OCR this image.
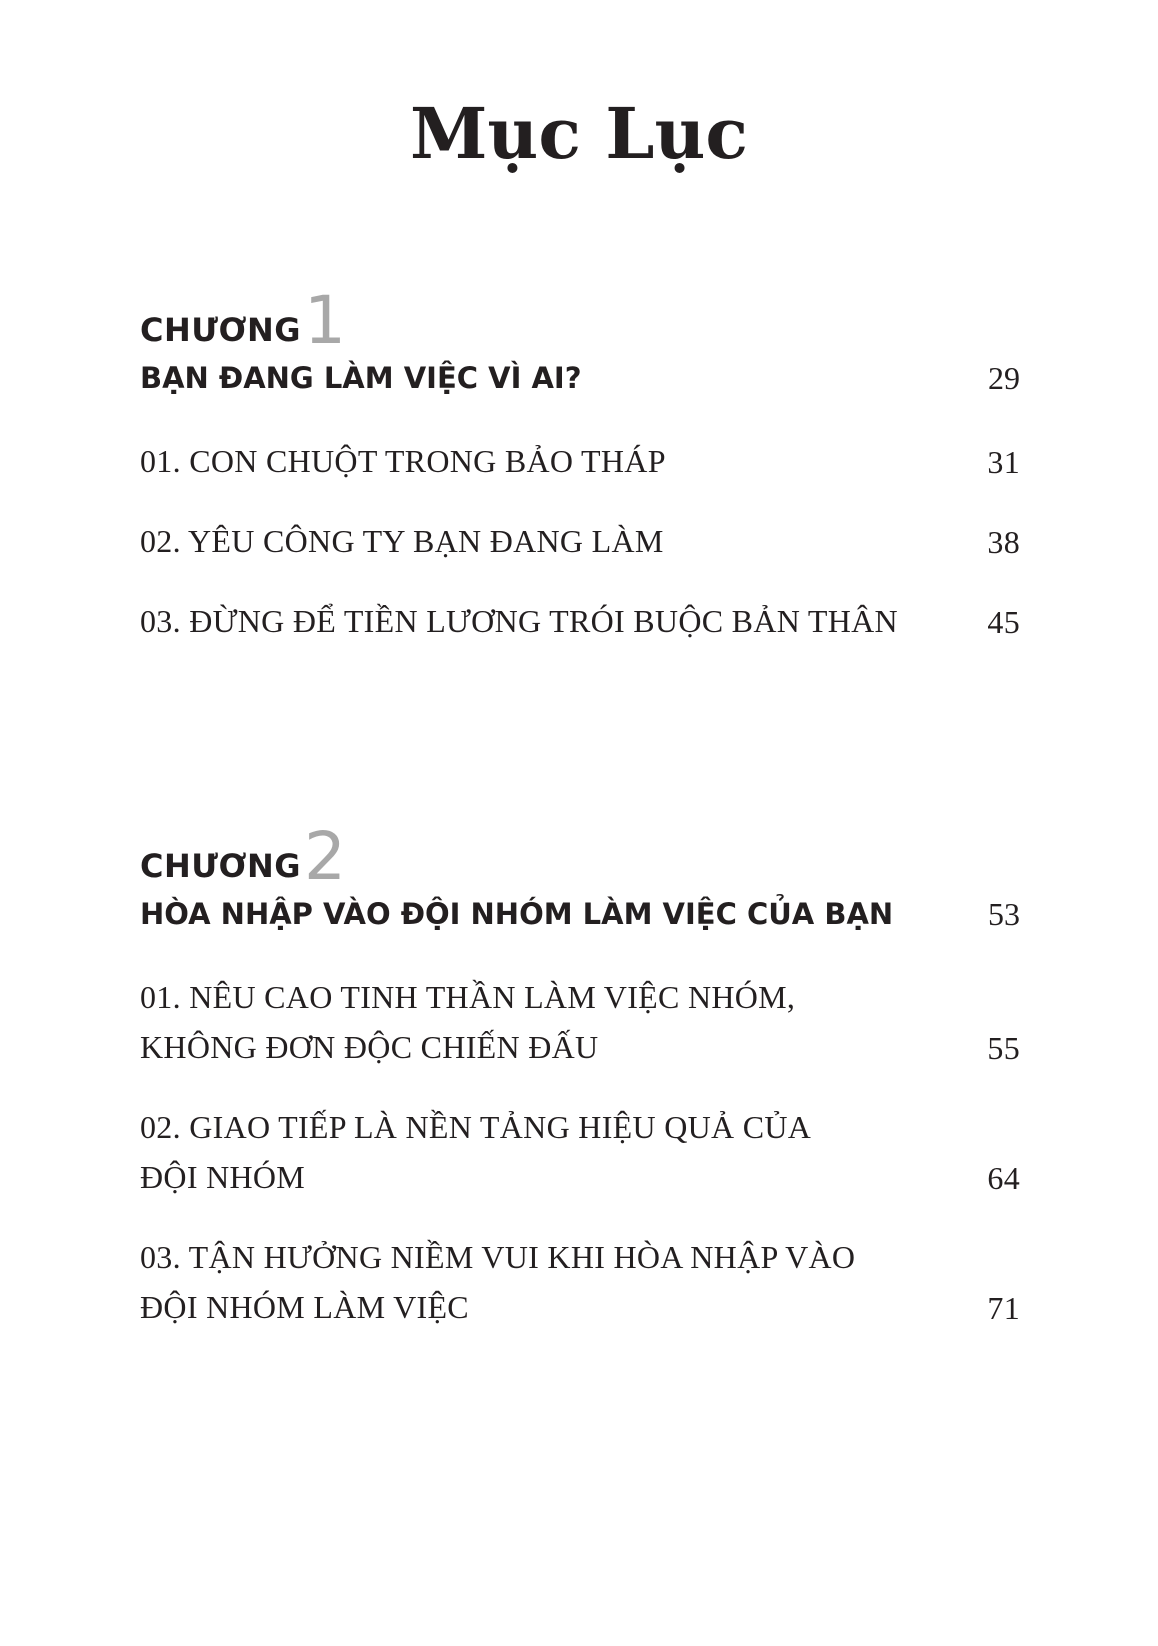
Mục Lục
CHƯƠNG 1
BẠN ĐANG LÀM VIỆC VÌ AI?	29
01. CON CHUỘT TRONG BẢO THÁP	31
02. YÊU CÔNG TY BẠN ĐANG LÀM	38
03. ĐỪNG ĐỂ TIỀN LƯƠNG TRÓI BUỘC BẢN THÂN	45
CHƯƠNG 2
HÒA NHẬP VÀO ĐỘI NHÓM LÀM VIỆC CỦA BẠN	53
01. NÊU CAO TINH THẦN LÀM VIỆC NHÓM,
KHÔNG ĐƠN ĐỘC CHIẾN ĐẤU	55
02. GIAO TIẾP LÀ NỀN TẢNG HIỆU QUẢ CỦA
ĐỘI NHÓM	64
03. TẬN HƯỞNG NIỀM VUI KHI HÒA NHẬP VÀO
ĐỘI NHÓM LÀM VIỆC	71
